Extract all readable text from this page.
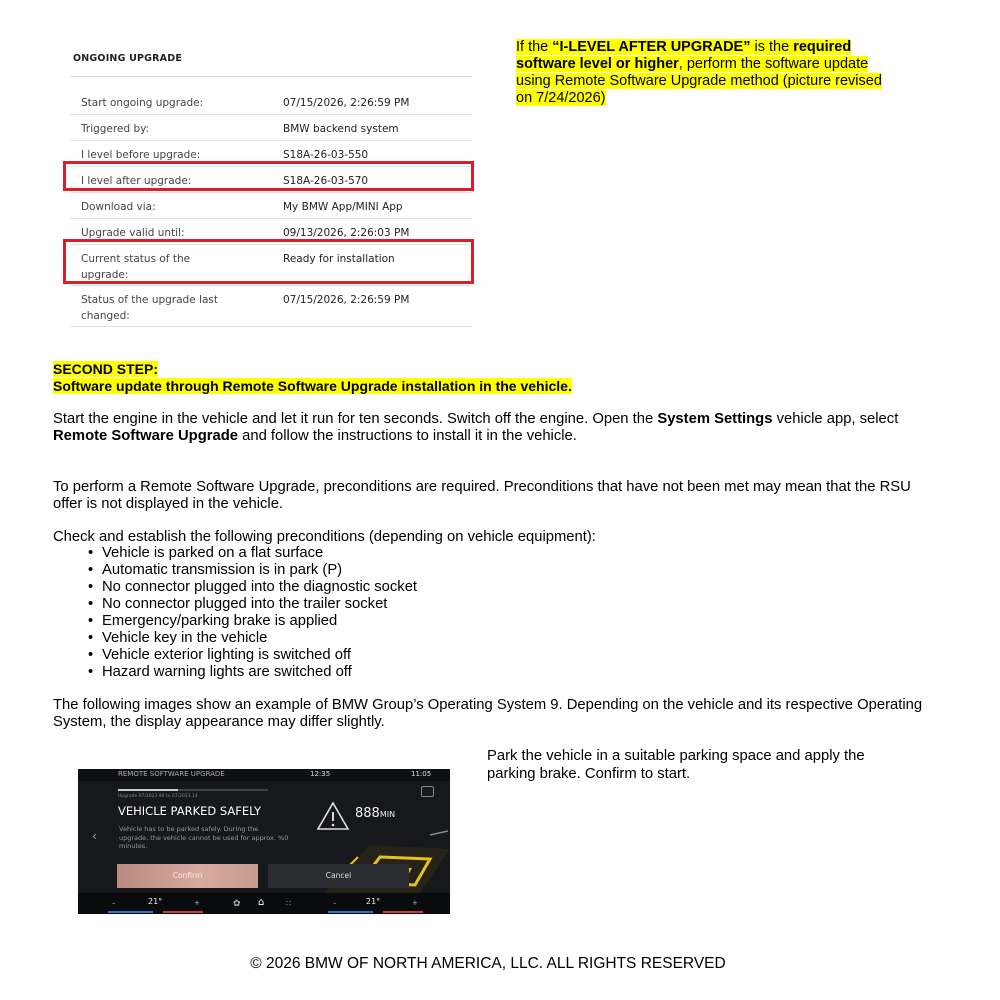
ONGOING UPGRADE
Start ongoing upgrade:	07/15/2026, 2:26:59 PM
Triggered by:	BMW backend system
I level before upgrade:	S18A-26-03-550
I level after upgrade:	S18A-26-03-570
Download via:	My BMW App/MINI App
Upgrade valid until:	09/13/2026, 2:26:03 PM
Current status of the upgrade:
Ready for installation
Status of the upgrade last changed:
07/15/2026, 2:26:59 PM
If the “I-LEVEL AFTER UPGRADE” is the required software level or higher, perform the software update using Remote Software Upgrade method (picture revised on 7/24/2026)
SECOND STEP:
Software update through Remote Software Upgrade installation in the vehicle.
Start the engine in the vehicle and let it run for ten seconds. Switch off the engine. Open the System Settings vehicle app, select Remote Software Upgrade and follow the instructions to install it in the vehicle.
To perform a Remote Software Upgrade, preconditions are required. Preconditions that have not been met may mean that the RSU offer is not displayed in the vehicle.
Check and establish the following preconditions (depending on vehicle equipment):
• Vehicle is parked on a flat surface
• Automatic transmission is in park (P)
• No connector plugged into the diagnostic socket
• No connector plugged into the trailer socket
• Emergency/parking brake is applied
• Vehicle key in the vehicle
• Vehicle exterior lighting is switched off
• Hazard warning lights are switched off
The following images show an example of BMW Group’s Operating System 9. Depending on the vehicle and its respective Operating System, the display appearance may differ slightly.
Park the vehicle in a suitable parking space and apply the parking brake. Confirm to start.
REMOTE SOFTWARE UPGRADE	12:35	11:05
Upgrade 07/2023 90 to 07/2023 14
VEHICLE PARKED SAFELY
Vehicle has to be parked safely. During the upgrade, the vehicle cannot be used for approx. %0 minutes.
‹
888MIN
Confirm	Cancel
–	21°	+	✿ ⌂	∷	–	21°	+
© 2026 BMW OF NORTH AMERICA, LLC. ALL RIGHTS RESERVED
